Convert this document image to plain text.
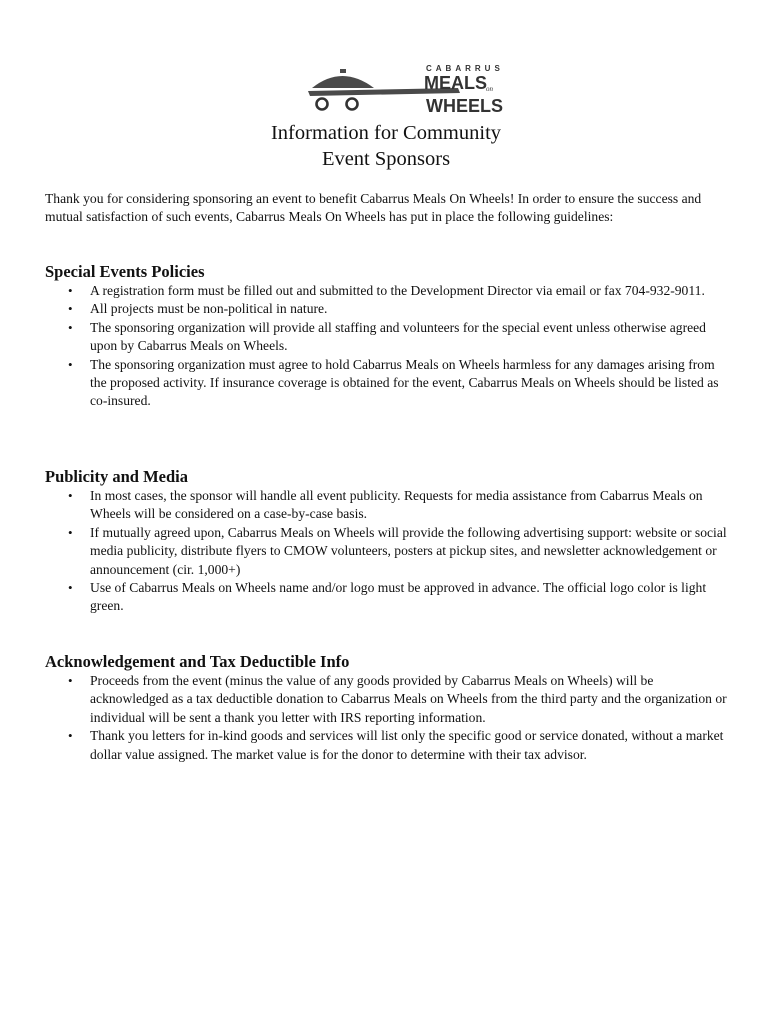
CABARRUS
MEALS on
WHEELS
Information for Community
Event Sponsors
Thank you for considering sponsoring an event to benefit Cabarrus Meals On Wheels! In order to ensure the success and mutual satisfaction of such events, Cabarrus Meals On Wheels has put in place the following guidelines:
Special Events Policies
• A registration form must be filled out and submitted to the Development Director via email or fax 704-932-9011.
• All projects must be non-political in nature.
• The sponsoring organization will provide all staffing and volunteers for the special event unless otherwise agreed upon by Cabarrus Meals on Wheels.
• The sponsoring organization must agree to hold Cabarrus Meals on Wheels harmless for any damages arising from the proposed activity. If insurance coverage is obtained for the event, Cabarrus Meals on Wheels should be listed as co-insured.
Publicity and Media
• In most cases, the sponsor will handle all event publicity. Requests for media assistance from Cabarrus Meals on Wheels will be considered on a case-by-case basis.
• If mutually agreed upon, Cabarrus Meals on Wheels will provide the following advertising support: website or social media publicity, distribute flyers to CMOW volunteers, posters at pickup sites, and newsletter acknowledgement or announcement (cir. 1,000+)
• Use of Cabarrus Meals on Wheels name and/or logo must be approved in advance. The official logo color is light green.
Acknowledgement and Tax Deductible Info
• Proceeds from the event (minus the value of any goods provided by Cabarrus Meals on Wheels) will be acknowledged as a tax deductible donation to Cabarrus Meals on Wheels from the third party and the organization or individual will be sent a thank you letter with IRS reporting information.
• Thank you letters for in-kind goods and services will list only the specific good or service donated, without a market dollar value assigned. The market value is for the donor to determine with their tax advisor.
